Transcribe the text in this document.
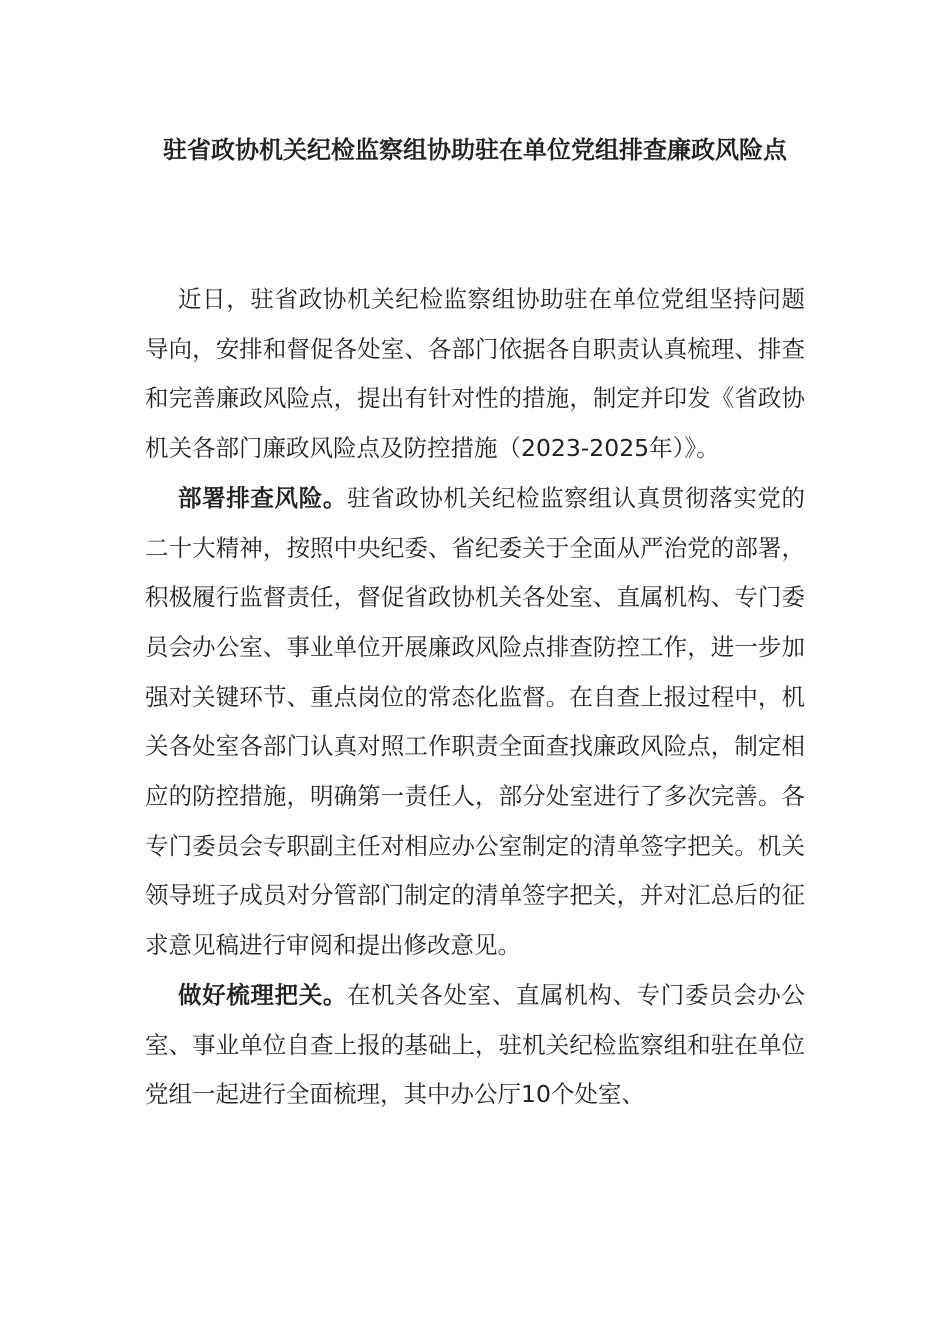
驻省政协机关纪检监察组协助驻在单位党组排查廉政风险点

近日，驻省政协机关纪检监察组协助驻在单位党组坚持问题导向，安排和督促各处室、各部门依据各自职责认真梳理、排查和完善廉政风险点，提出有针对性的措施，制定并印发《省政协机关各部门廉政风险点及防控措施（2023-2025年）》。

部署排查风险。驻省政协机关纪检监察组认真贯彻落实党的二十大精神，按照中央纪委、省纪委关于全面从严治党的部署，积极履行监督责任，督促省政协机关各处室、直属机构、专门委员会办公室、事业单位开展廉政风险点排查防控工作，进一步加强对关键环节、重点岗位的常态化监督。在自查上报过程中，机关各处室各部门认真对照工作职责全面查找廉政风险点，制定相应的防控措施，明确第一责任人，部分处室进行了多次完善。各专门委员会专职副主任对相应办公室制定的清单签字把关。机关领导班子成员对分管部门制定的清单签字把关，并对汇总后的征求意见稿进行审阅和提出修改意见。

做好梳理把关。在机关各处室、直属机构、专门委员会办公室、事业单位自查上报的基础上，驻机关纪检监察组和驻在单位党组一起进行全面梳理，其中办公厅10个处室、
